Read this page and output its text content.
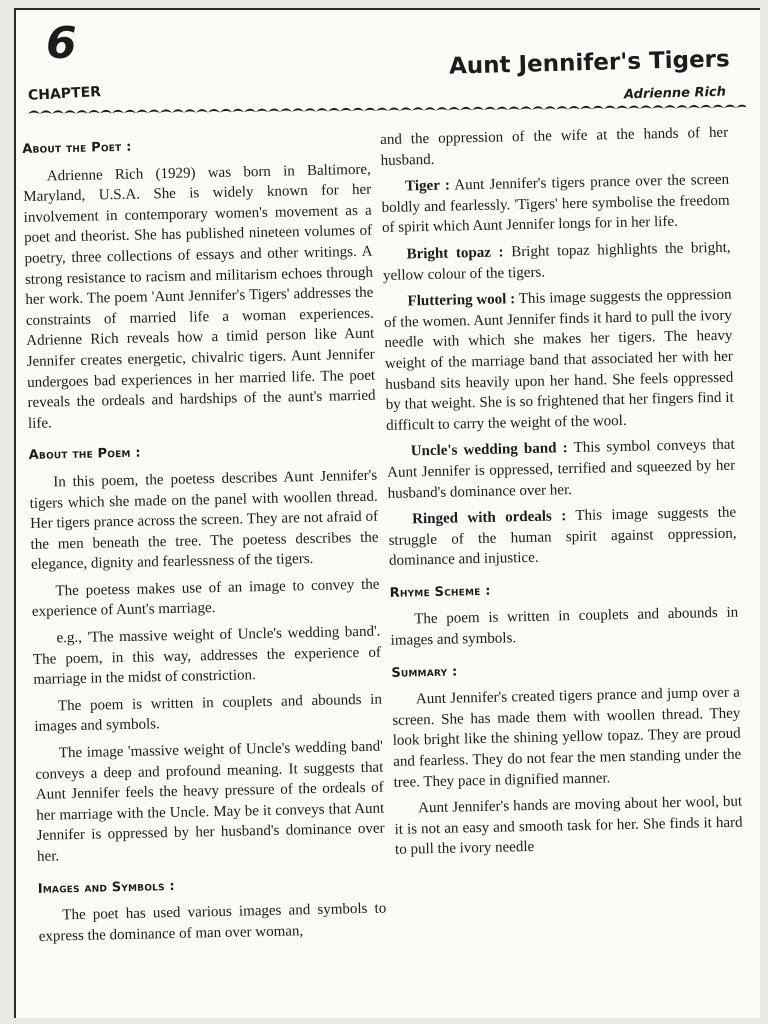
6
CHAPTER
Aunt Jennifer's Tigers
Adrienne Rich
About the Poet :

Adrienne Rich (1929) was born in Baltimore, Maryland, U.S.A. She is widely known for her involvement in contemporary women's movement as a poet and theorist. She has published nineteen volumes of poetry, three collections of essays and other writings. A strong resistance to racism and militarism echoes through her work. The poem 'Aunt Jennifer's Tigers' addresses the constraints of married life a woman experiences. Adrienne Rich reveals how a timid person like Aunt Jennifer creates energetic, chivalric tigers. Aunt Jennifer undergoes bad experiences in her married life. The poet reveals the ordeals and hardships of the aunt's married life.

About the Poem :

In this poem, the poetess describes Aunt Jennifer's tigers which she made on the panel with woollen thread. Her tigers prance across the screen. They are not afraid of the men beneath the tree. The poetess describes the elegance, dignity and fearlessness of the tigers.

The poetess makes use of an image to convey the experience of Aunt's marriage.

e.g., 'The massive weight of Uncle's wedding band'. The poem, in this way, addresses the experience of marriage in the midst of constriction.

The poem is written in couplets and abounds in images and symbols.

The image 'massive weight of Uncle's wedding band' conveys a deep and profound meaning. It suggests that Aunt Jennifer feels the heavy pressure of the ordeals of her marriage with the Uncle. May be it conveys that Aunt Jennifer is oppressed by her husband's dominance over her.

Images and Symbols :

The poet has used various images and symbols to express the dominance of man over woman,

and the oppression of the wife at the hands of her husband.

Tiger : Aunt Jennifer's tigers prance over the screen boldly and fearlessly. 'Tigers' here symbolise the freedom of spirit which Aunt Jennifer longs for in her life.

Bright topaz : Bright topaz highlights the bright, yellow colour of the tigers.

Fluttering wool : This image suggests the oppression of the women. Aunt Jennifer finds it hard to pull the ivory needle with which she makes her tigers. The heavy weight of the marriage band that associated her with her husband sits heavily upon her hand. She feels oppressed by that weight. She is so frightened that her fingers find it difficult to carry the weight of the wool.

Uncle's wedding band : This symbol conveys that Aunt Jennifer is oppressed, terrified and squeezed by her husband's dominance over her.

Ringed with ordeals : This image suggests the struggle of the human spirit against oppression, dominance and injustice.

Rhyme Scheme :

The poem is written in couplets and abounds in images and symbols.

Summary :

Aunt Jennifer's created tigers prance and jump over a screen. She has made them with woollen thread. They look bright like the shining yellow topaz. They are proud and fearless. They do not fear the men standing under the tree. They pace in dignified manner.

Aunt Jennifer's hands are moving about her wool, but it is not an easy and smooth task for her. She finds it hard to pull the ivory needle
